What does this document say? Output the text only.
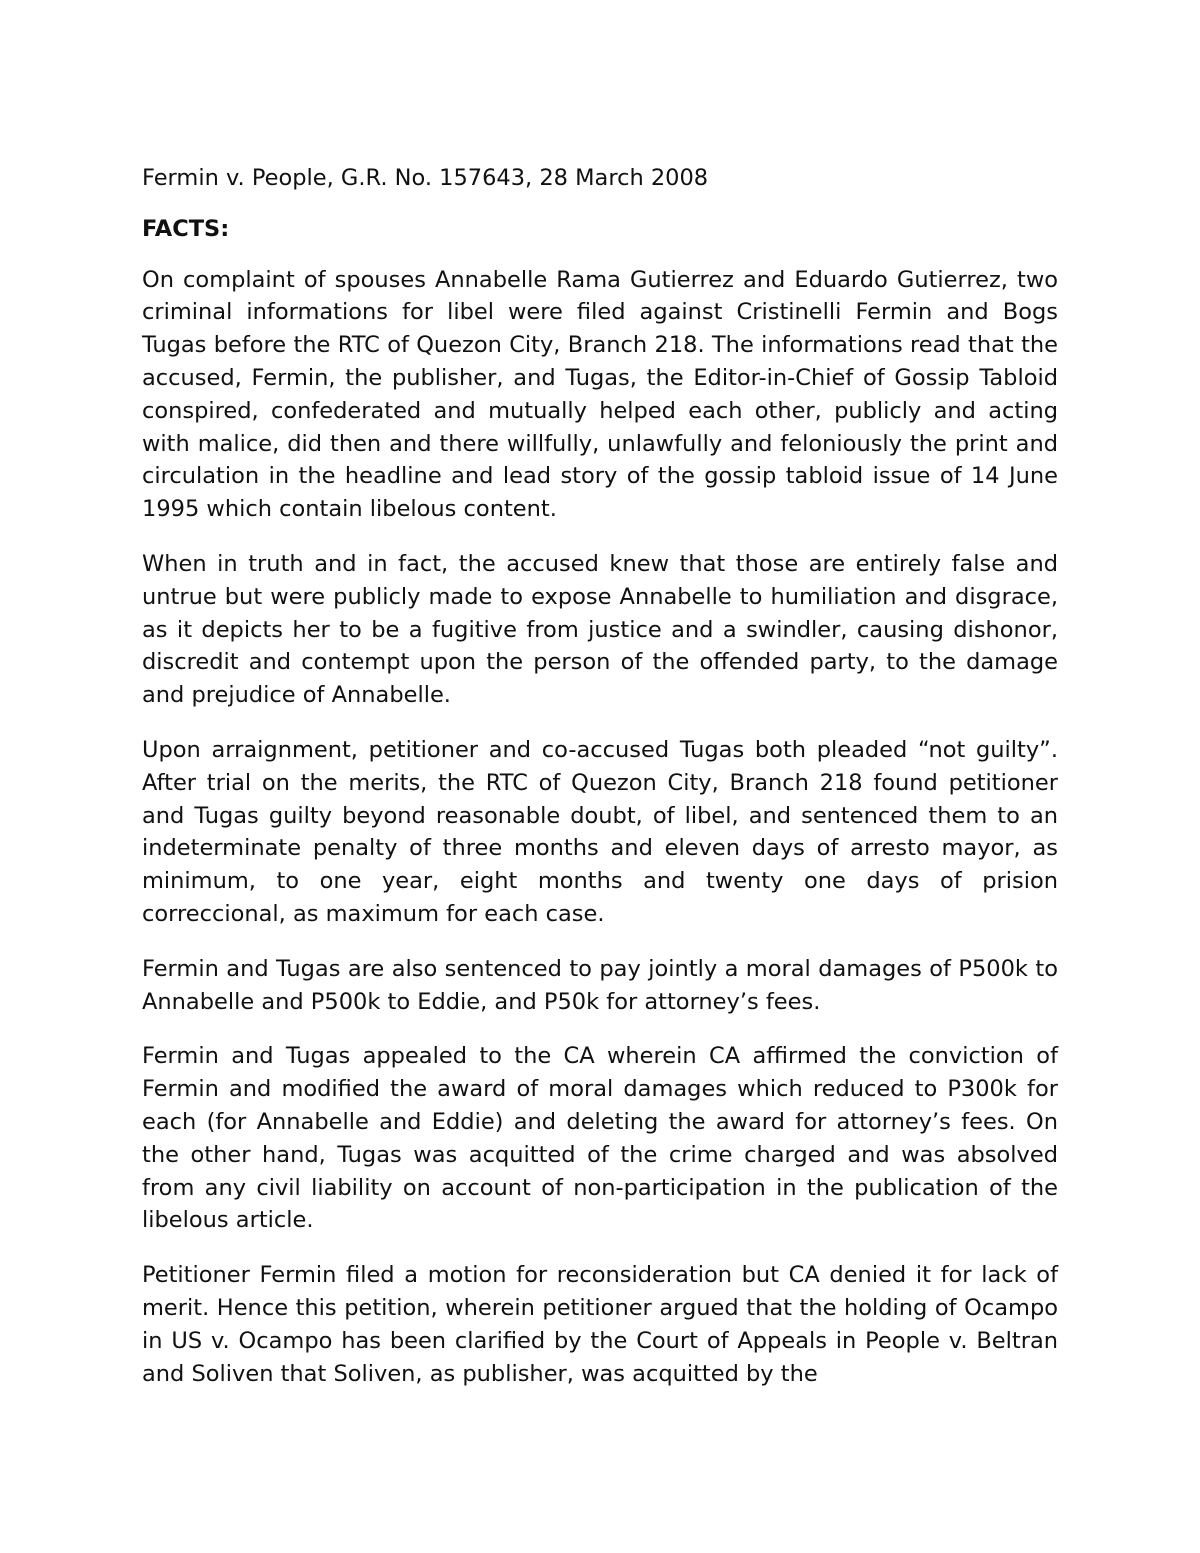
Fermin v. People, G.R. No. 157643, 28 March 2008

FACTS:

On complaint of spouses Annabelle Rama Gutierrez and Eduardo Gutierrez, two criminal informations for libel were filed against Cristinelli Fermin and Bogs Tugas before the RTC of Quezon City, Branch 218. The informations read that the accused, Fermin, the publisher, and Tugas, the Editor-in-Chief of Gossip Tabloid conspired, confederated and mutually helped each other, publicly and acting with malice, did then and there willfully, unlawfully and feloniously the print and circulation in the headline and lead story of the gossip tabloid issue of 14 June 1995 which contain libelous content.

When in truth and in fact, the accused knew that those are entirely false and untrue but were publicly made to expose Annabelle to humiliation and disgrace, as it depicts her to be a fugitive from justice and a swindler, causing dishonor, discredit and contempt upon the person of the offended party, to the damage and prejudice of Annabelle.

Upon arraignment, petitioner and co-accused Tugas both pleaded “not guilty”. After trial on the merits, the RTC of Quezon City, Branch 218 found petitioner and Tugas guilty beyond reasonable doubt, of libel, and sentenced them to an indeterminate penalty of three months and eleven days of arresto mayor, as minimum, to one year, eight months and twenty one days of prision correccional, as maximum for each case.

Fermin and Tugas are also sentenced to pay jointly a moral damages of P500k to Annabelle and P500k to Eddie, and P50k for attorney’s fees.

Fermin and Tugas appealed to the CA wherein CA affirmed the conviction of Fermin and modified the award of moral damages which reduced to P300k for each (for Annabelle and Eddie) and deleting the award for attorney’s fees. On the other hand, Tugas was acquitted of the crime charged and was absolved from any civil liability on account of non-participation in the publication of the libelous article.

Petitioner Fermin filed a motion for reconsideration but CA denied it for lack of merit. Hence this petition, wherein petitioner argued that the holding of Ocampo in US v. Ocampo has been clarified by the Court of Appeals in People v. Beltran and Soliven that Soliven, as publisher, was acquitted by the
